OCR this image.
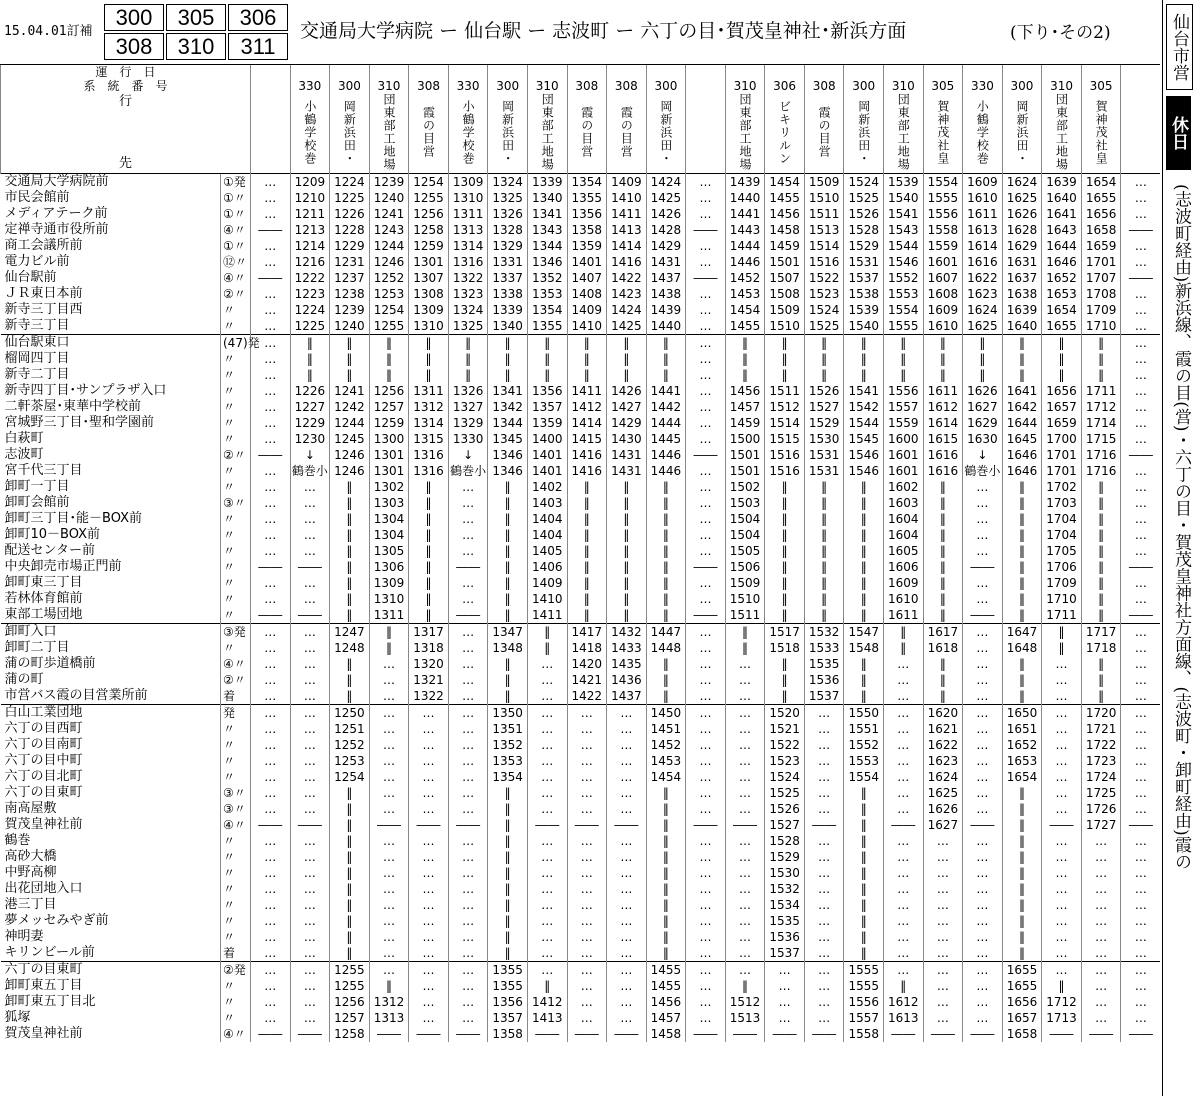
15.04.01訂補
300	305	306
308	310	311
交通局大学病院 ー 仙台駅 ー 志波町 ー 六丁の目･賀茂皇神社･新浜方面	(下り･その2)	仙台市営
休日
(志波町経由)新浜線、霞の目(営)・六丁の目・賀茂皇神社方面線、(志波町・卸町経由)霞の
運　行　日																								
系　統　番　号			330	300	310	308	330	300	310	308	308	300		310	306	308	300	310	305	330	300	310	305	

行
先			小鶴学校巻	岡新浜田･	団東部工地場	霞の目営	小鶴学校巻	岡新浜田･	団東部工地場	霞の目営	霞の目営	岡新浜田･		団東部工地場	ビキリルン	霞の目営	岡新浜田･	団東部工地場	賀神茂社皇	小鶴学校巻	岡新浜田･	団東部工地場	賀神茂社皇	

交通局大学病院前	①発	…	1209	1224	1239	1254	1309	1324	1339	1354	1409	1424	…	1439	1454	1509	1524	1539	1554	1609	1624	1639	1654	…
市民会館前	①〃	…	1210	1225	1240	1255	1310	1325	1340	1355	1410	1425	…	1440	1455	1510	1525	1540	1555	1610	1625	1640	1655	…
メディアテーク前	①〃	…	1211	1226	1241	1256	1311	1326	1341	1356	1411	1426	…	1441	1456	1511	1526	1541	1556	1611	1626	1641	1656	…
定禅寺通市役所前	④〃	――	1213	1228	1243	1258	1313	1328	1343	1358	1413	1428	――	1443	1458	1513	1528	1543	1558	1613	1628	1643	1658	――
商工会議所前	①〃	…	1214	1229	1244	1259	1314	1329	1344	1359	1414	1429	…	1444	1459	1514	1529	1544	1559	1614	1629	1644	1659	…
電力ビル前	⑫〃	…	1216	1231	1246	1301	1316	1331	1346	1401	1416	1431	…	1446	1501	1516	1531	1546	1601	1616	1631	1646	1701	…
仙台駅前	④〃	――	1222	1237	1252	1307	1322	1337	1352	1407	1422	1437	――	1452	1507	1522	1537	1552	1607	1622	1637	1652	1707	――
ＪＲ東日本前	②〃	…	1223	1238	1253	1308	1323	1338	1353	1408	1423	1438	…	1453	1508	1523	1538	1553	1608	1623	1638	1653	1708	…
新寺三丁目西	〃	…	1224	1239	1254	1309	1324	1339	1354	1409	1424	1439	…	1454	1509	1524	1539	1554	1609	1624	1639	1654	1709	…
新寺三丁目	〃	…	1225	1240	1255	1310	1325	1340	1355	1410	1425	1440	…	1455	1510	1525	1540	1555	1610	1625	1640	1655	1710	…
仙台駅東口	(47)発	…	‖	‖	‖	‖	‖	‖	‖	‖	‖	‖	…	‖	‖	‖	‖	‖	‖	‖	‖	‖	‖	…
榴岡四丁目	〃	…	‖	‖	‖	‖	‖	‖	‖	‖	‖	‖	…	‖	‖	‖	‖	‖	‖	‖	‖	‖	‖	…
新寺二丁目	〃	…	‖	‖	‖	‖	‖	‖	‖	‖	‖	‖	…	‖	‖	‖	‖	‖	‖	‖	‖	‖	‖	…
新寺四丁目･サンプラザ入口	〃	…	1226	1241	1256	1311	1326	1341	1356	1411	1426	1441	…	1456	1511	1526	1541	1556	1611	1626	1641	1656	1711	…
二軒茶屋･東華中学校前	〃	…	1227	1242	1257	1312	1327	1342	1357	1412	1427	1442	…	1457	1512	1527	1542	1557	1612	1627	1642	1657	1712	…
宮城野三丁目･聖和学園前	〃	…	1229	1244	1259	1314	1329	1344	1359	1414	1429	1444	…	1459	1514	1529	1544	1559	1614	1629	1644	1659	1714	…
白萩町	〃	…	1230	1245	1300	1315	1330	1345	1400	1415	1430	1445	…	1500	1515	1530	1545	1600	1615	1630	1645	1700	1715	…
志波町	②〃	――	↓	1246	1301	1316	↓	1346	1401	1416	1431	1446	――	1501	1516	1531	1546	1601	1616	↓	1646	1701	1716	――
宮千代三丁目	〃	…	鶴巻小	1246	1301	1316	鶴巻小	1346	1401	1416	1431	1446	…	1501	1516	1531	1546	1601	1616	鶴巻小	1646	1701	1716	…
卸町一丁目	〃	…	…	‖	1302	‖	…	‖	1402	‖	‖	‖	…	1502	‖	‖	‖	1602	‖	…	‖	1702	‖	…
卸町会館前	③〃	…	…	‖	1303	‖	…	‖	1403	‖	‖	‖	…	1503	‖	‖	‖	1603	‖	…	‖	1703	‖	…
卸町三丁目･能－BOX前	〃	…	…	‖	1304	‖	…	‖	1404	‖	‖	‖	…	1504	‖	‖	‖	1604	‖	…	‖	1704	‖	…
卸町10－BOX前	〃	…	…	‖	1304	‖	…	‖	1404	‖	‖	‖	…	1504	‖	‖	‖	1604	‖	…	‖	1704	‖	…
配送センター前	〃	…	…	‖	1305	‖	…	‖	1405	‖	‖	‖	…	1505	‖	‖	‖	1605	‖	…	‖	1705	‖	…
中央卸売市場正門前	〃	――	――	‖	1306	‖	――	‖	1406	‖	‖	‖	――	1506	‖	‖	‖	1606	‖	――	‖	1706	‖	――
卸町東三丁目	〃	…	…	‖	1309	‖	…	‖	1409	‖	‖	‖	…	1509	‖	‖	‖	1609	‖	…	‖	1709	‖	…
若林体育館前	〃	…	…	‖	1310	‖	…	‖	1410	‖	‖	‖	…	1510	‖	‖	‖	1610	‖	…	‖	1710	‖	…
東部工場団地	〃	――	――	‖	1311	‖	――	‖	1411	‖	‖	‖	――	1511	‖	‖	‖	1611	‖	――	‖	1711	‖	――
卸町入口	③発	…	…	1247	‖	1317	…	1347	‖	1417	1432	1447	…	‖	1517	1532	1547	‖	1617	…	1647	‖	1717	…
卸町二丁目	〃	…	…	1248	‖	1318	…	1348	‖	1418	1433	1448	…	‖	1518	1533	1548	‖	1618	…	1648	‖	1718	…
蒲の町歩道橋前	④〃	…	…	‖	…	1320	…	‖	…	1420	1435	‖	…	…	‖	1535	‖	…	‖	…	‖	…	‖	…
蒲の町	②〃	…	…	‖	…	1321	…	‖	…	1421	1436	‖	…	…	‖	1536	‖	…	‖	…	‖	…	‖	…
市営バス霞の目営業所前	着	…	…	‖	…	1322	…	‖	…	1422	1437	‖	…	…	‖	1537	‖	…	‖	…	‖	…	‖	…
白山工業団地	発	…	…	1250	…	…	…	1350	…	…	…	1450	…	…	1520	…	1550	…	1620	…	1650	…	1720	…
六丁の目西町	〃	…	…	1251	…	…	…	1351	…	…	…	1451	…	…	1521	…	1551	…	1621	…	1651	…	1721	…
六丁の目南町	〃	…	…	1252	…	…	…	1352	…	…	…	1452	…	…	1522	…	1552	…	1622	…	1652	…	1722	…
六丁の目中町	〃	…	…	1253	…	…	…	1353	…	…	…	1453	…	…	1523	…	1553	…	1623	…	1653	…	1723	…
六丁の目北町	〃	…	…	1254	…	…	…	1354	…	…	…	1454	…	…	1524	…	1554	…	1624	…	1654	…	1724	…
六丁の目東町	③〃	…	…	‖	…	…	…	‖	…	…	…	‖	…	…	1525	…	‖	…	1625	…	‖	…	1725	…
南高屋敷	③〃	…	…	‖	…	…	…	‖	…	…	…	‖	…	…	1526	…	‖	…	1626	…	‖	…	1726	…
賀茂皇神社前	④〃	――	――	‖	――	――	――	‖	――	――	――	‖	――	――	1527	――	‖	――	1627	――	‖	――	1727	――
鶴巻	〃	…	…	‖	…	…	…	‖	…	…	…	‖	…	…	1528	…	‖	…	…	…	‖	…	…	…
高砂大橋	〃	…	…	‖	…	…	…	‖	…	…	…	‖	…	…	1529	…	‖	…	…	…	‖	…	…	…
中野高柳	〃	…	…	‖	…	…	…	‖	…	…	…	‖	…	…	1530	…	‖	…	…	…	‖	…	…	…
出花団地入口	〃	…	…	‖	…	…	…	‖	…	…	…	‖	…	…	1532	…	‖	…	…	…	‖	…	…	…
港三丁目	〃	…	…	‖	…	…	…	‖	…	…	…	‖	…	…	1534	…	‖	…	…	…	‖	…	…	…
夢メッセみやぎ前	〃	…	…	‖	…	…	…	‖	…	…	…	‖	…	…	1535	…	‖	…	…	…	‖	…	…	…
神明妻	〃	…	…	‖	…	…	…	‖	…	…	…	‖	…	…	1536	…	‖	…	…	…	‖	…	…	…
キリンビール前	着	…	…	‖	…	…	…	‖	…	…	…	‖	…	…	1537	…	‖	…	…	…	‖	…	…	…
六丁の目東町	②発	…	…	1255	…	…	…	1355	…	…	…	1455	…	…	…	…	1555	…	…	…	1655	…	…	…
卸町東五丁目	〃	…	…	1255	‖	…	…	1355	‖	…	…	1455	…	‖	…	…	1555	‖	…	…	1655	‖	…	…
卸町東五丁目北	〃	…	…	1256	1312	…	…	1356	1412	…	…	1456	…	1512	…	…	1556	1612	…	…	1656	1712	…	…
狐塚	〃	…	…	1257	1313	…	…	1357	1413	…	…	1457	…	1513	…	…	1557	1613	…	…	1657	1713	…	…
賀茂皇神社前	④〃	――	――	1258	――	――	――	1358	――	――	――	1458	――	――	――	――	1558	――	――	――	1658	――	――	――
